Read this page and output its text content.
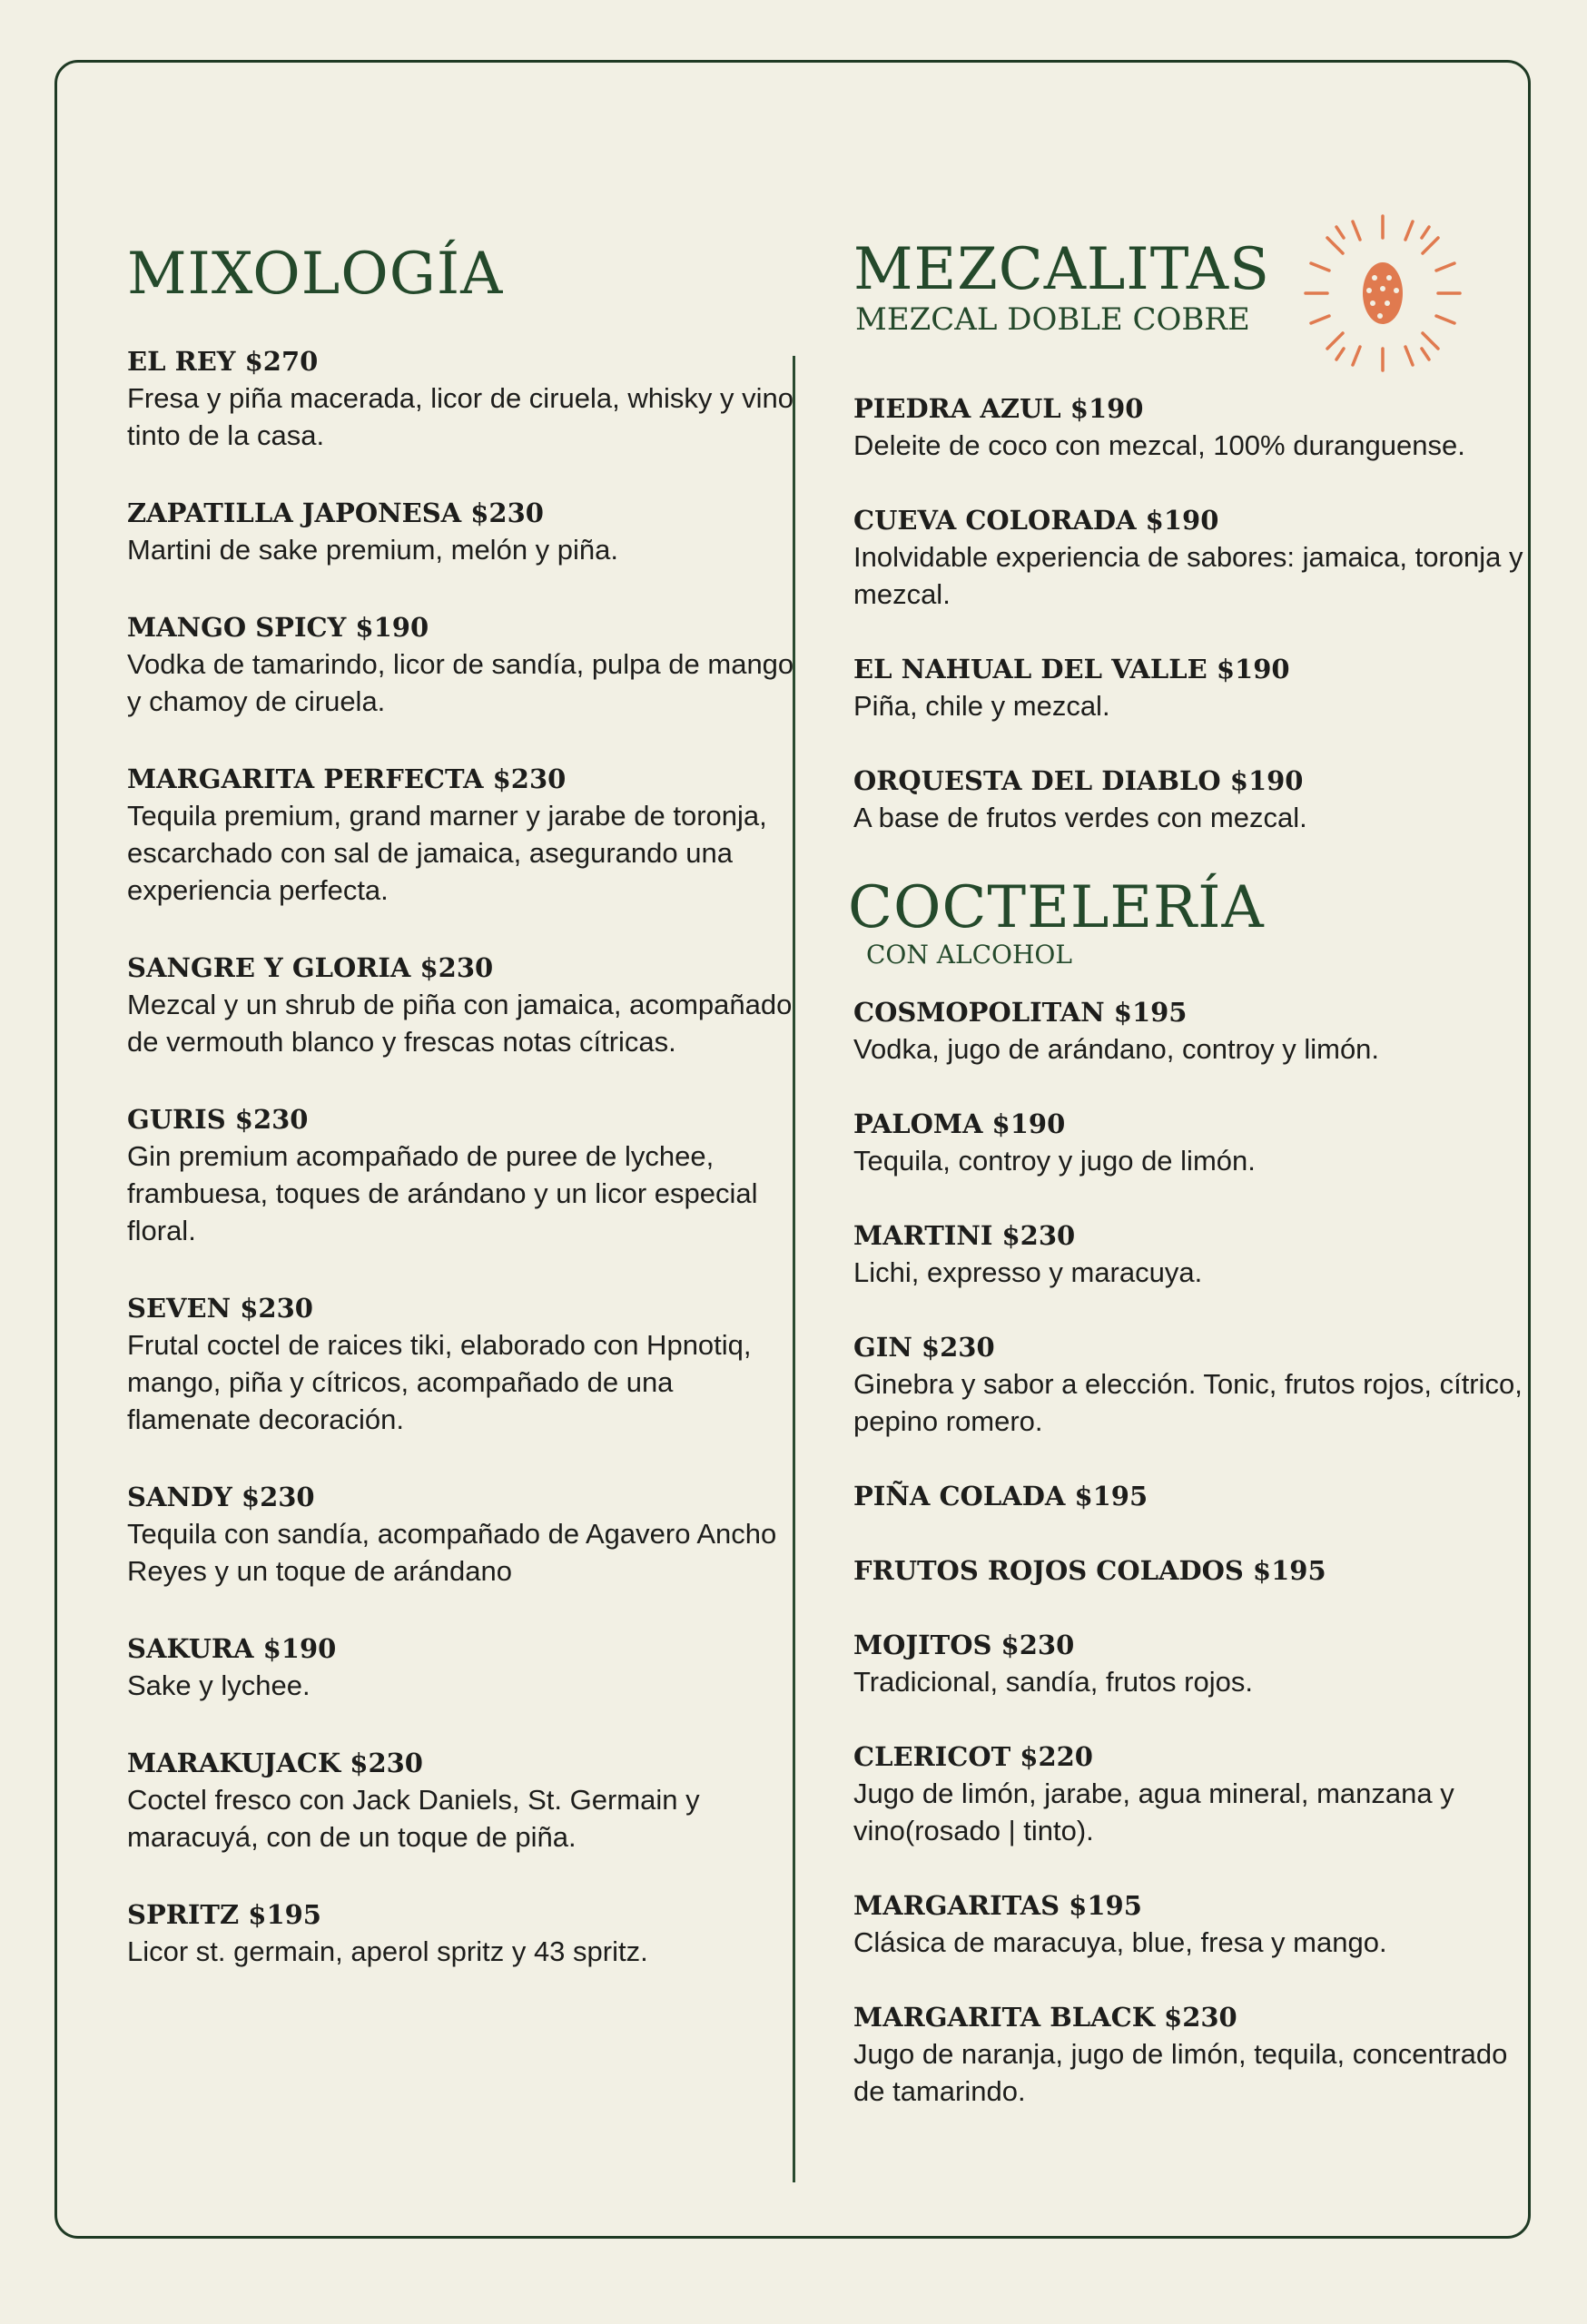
MIXOLOGÍA
EL REY $270
Fresa y piña macerada, licor de ciruela, whisky y vino tinto de la casa.
ZAPATILLA JAPONESA $230
Martini de sake premium, melón y piña.
MANGO SPICY $190
Vodka de tamarindo, licor de sandía, pulpa de mango y chamoy de ciruela.
MARGARITA PERFECTA $230
Tequila premium, grand marner y jarabe de toronja, escarchado con sal de jamaica, asegurando una experiencia perfecta.
SANGRE Y GLORIA $230
Mezcal y un shrub de piña con jamaica, acompañado de vermouth blanco y frescas notas cítricas.
GURIS $230
Gin premium acompañado de puree de lychee, frambuesa, toques de arándano y un licor especial floral.
SEVEN $230
Frutal coctel de raices tiki, elaborado con Hpnotiq, mango, piña y cítricos, acompañado de una flamenate decoración.
SANDY $230
Tequila con sandía, acompañado de Agavero Ancho Reyes y un toque de arándano
SAKURA $190
Sake y lychee.
MARAKUJACK $230
Coctel fresco con Jack Daniels, St. Germain y maracuyá, con de un toque de piña.
SPRITZ $195
Licor st. germain, aperol spritz y 43 spritz.
MEZCALITAS
MEZCAL DOBLE COBRE
PIEDRA AZUL $190
Deleite de coco con mezcal, 100% duranguense.
CUEVA COLORADA $190
Inolvidable experiencia de sabores: jamaica, toronja y mezcal.
EL NAHUAL DEL VALLE $190
Piña, chile y mezcal.
ORQUESTA DEL DIABLO $190
A base de frutos verdes con mezcal.
COCTELERÍA
CON ALCOHOL
COSMOPOLITAN $195
Vodka, jugo de arándano, controy y limón.
PALOMA $190
Tequila, controy y jugo de limón.
MARTINI $230
Lichi, expresso y maracuya.
GIN $230
Ginebra y sabor a elección. Tonic, frutos rojos, cítrico, pepino romero.
PIÑA COLADA $195
FRUTOS ROJOS COLADOS $195
MOJITOS $230
Tradicional, sandía, frutos rojos.
CLERICOT $220
Jugo de limón, jarabe, agua mineral, manzana y vino(rosado | tinto).
MARGARITAS $195
Clásica de maracuya, blue, fresa y mango.
MARGARITA BLACK $230
Jugo de naranja, jugo de limón, tequila, concentrado de tamarindo.
